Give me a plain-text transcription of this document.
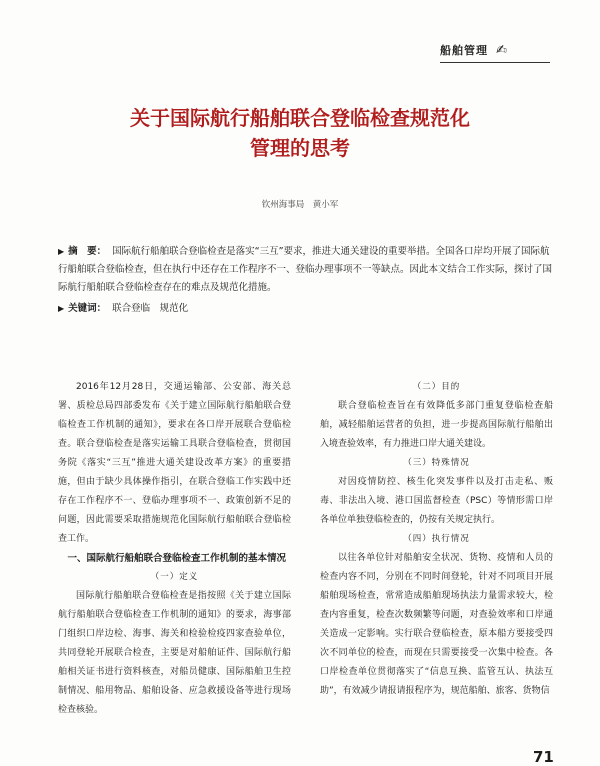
船舶管理 ✍
关于国际航行船舶联合登临检查规范化
管理的思考
钦州海事局　黄小军
▶ 摘　要： 国际航行船舶联合登临检查是落实“三互”要求，推进大通关建设的重要举措。全国各口岸均开展了国际航行船舶联合登临检查，但在执行中还存在工作程序不一、登临办理事项不一等缺点。因此本文结合工作实际，探讨了国际航行船舶联合登临检查存在的难点及规范化措施。
▶ 关键词： 联合登临　规范化

2016年12月28日，交通运输部、公安部、海关总署、质检总局四部委发布《关于建立国际航行船舶联合登临检查工作机制的通知》，要求在各口岸开展联合登临检查。联合登临检查是落实运输工具联合登临检查，贯彻国务院《落实“三互”推进大通关建设改革方案》的重要措施，但由于缺少具体操作指引，在联合登临工作实践中还存在工作程序不一、登临办理事项不一、政策创新不足的问题，因此需要采取措施规范化国际航行船舶联合登临检查工作。

一、国际航行船舶联合登临检查工作机制的基本情况

（一）定义

国际航行船舶联合登临检查是指按照《关于建立国际航行船舶联合登临检查工作机制的通知》的要求，海事部门组织口岸边检、海事、海关和检验检疫四家查验单位，共同登轮开展联合检查，主要是对船舶证件、国际航行船舶相关证书进行资料核查，对船员健康、国际船舶卫生控制情况、船用物品、船舶设备、应急救援设备等进行现场检查核验。

（二）目的

联合登临检查旨在有效降低多部门重复登临检查船舶，减轻船舶运营者的负担，进一步提高国际航行船舶出入境查验效率，有力推进口岸大通关建设。

（三）特殊情况

对因疫情防控、核生化突发事件以及打击走私、贩毒、非法出入境、港口国监督检查（PSC）等情形需口岸各单位单独登临检查的，仍按有关规定执行。

（四）执行情况

以往各单位针对船舶安全状况、货物、疫情和人员的检查内容不同，分别在不同时间登轮，针对不同项目开展船舶现场检查，常常造成船舶现场执法力量需求较大，检查内容重复，检查次数频繁等问题，对查验效率和口岸通关造成一定影响。实行联合登临检查，原本船方要接受四次不同单位的检查，而现在只需要接受一次集中检查。各口岸检查单位贯彻落实了“信息互换、监管互认、执法互助”，有效减少请报请报程序为，规范船舶、旅客、货物信

71
